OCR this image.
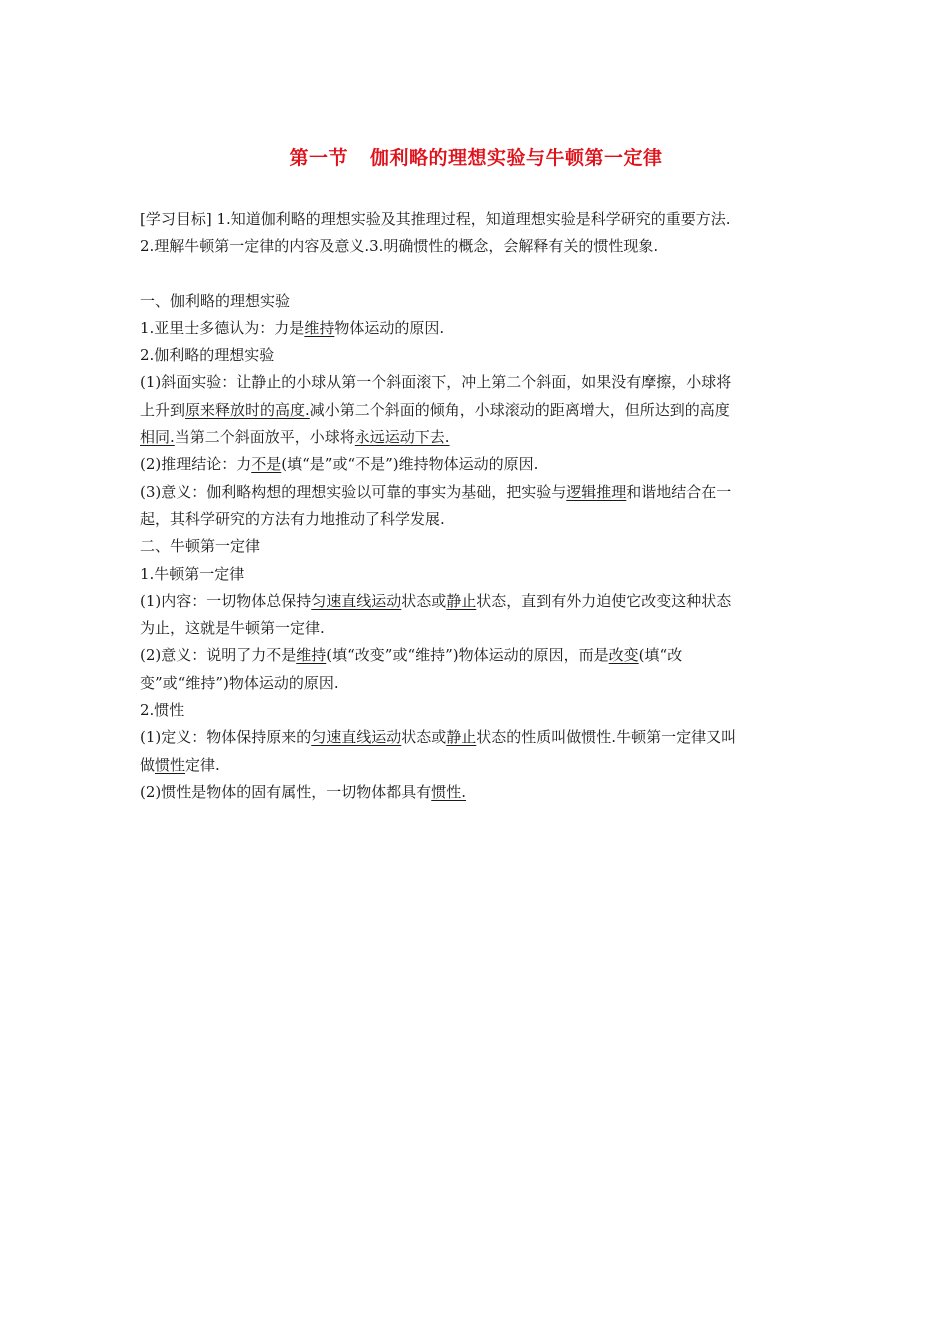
第一节 伽利略的理想实验与牛顿第一定律

[学习目标] 1.知道伽利略的理想实验及其推理过程，知道理想实验是科学研究的重要方法.

2.理解牛顿第一定律的内容及意义.3.明确惯性的概念，会解释有关的惯性现象.

一、伽利略的理想实验

1.亚里士多德认为：力是维持物体运动的原因.

2.伽利略的理想实验

(1)斜面实验：让静止的小球从第一个斜面滚下，冲上第二个斜面，如果没有摩擦，小球将

上升到原来释放时的高度.减小第二个斜面的倾角，小球滚动的距离增大，但所达到的高度

相同.当第二个斜面放平，小球将永远运动下去.

(2)推理结论：力不是(填“是”或“不是”)维持物体运动的原因.

(3)意义：伽利略构想的理想实验以可靠的事实为基础，把实验与逻辑推理和谐地结合在一

起，其科学研究的方法有力地推动了科学发展.

二、牛顿第一定律

1.牛顿第一定律

(1)内容：一切物体总保持匀速直线运动状态或静止状态，直到有外力迫使它改变这种状态

为止，这就是牛顿第一定律.

(2)意义：说明了力不是维持(填“改变”或“维持”)物体运动的原因，而是改变(填“改

变”或“维持”)物体运动的原因.

2.惯性

(1)定义：物体保持原来的匀速直线运动状态或静止状态的性质叫做惯性.牛顿第一定律又叫

做惯性定律.

(2)惯性是物体的固有属性，一切物体都具有惯性.
